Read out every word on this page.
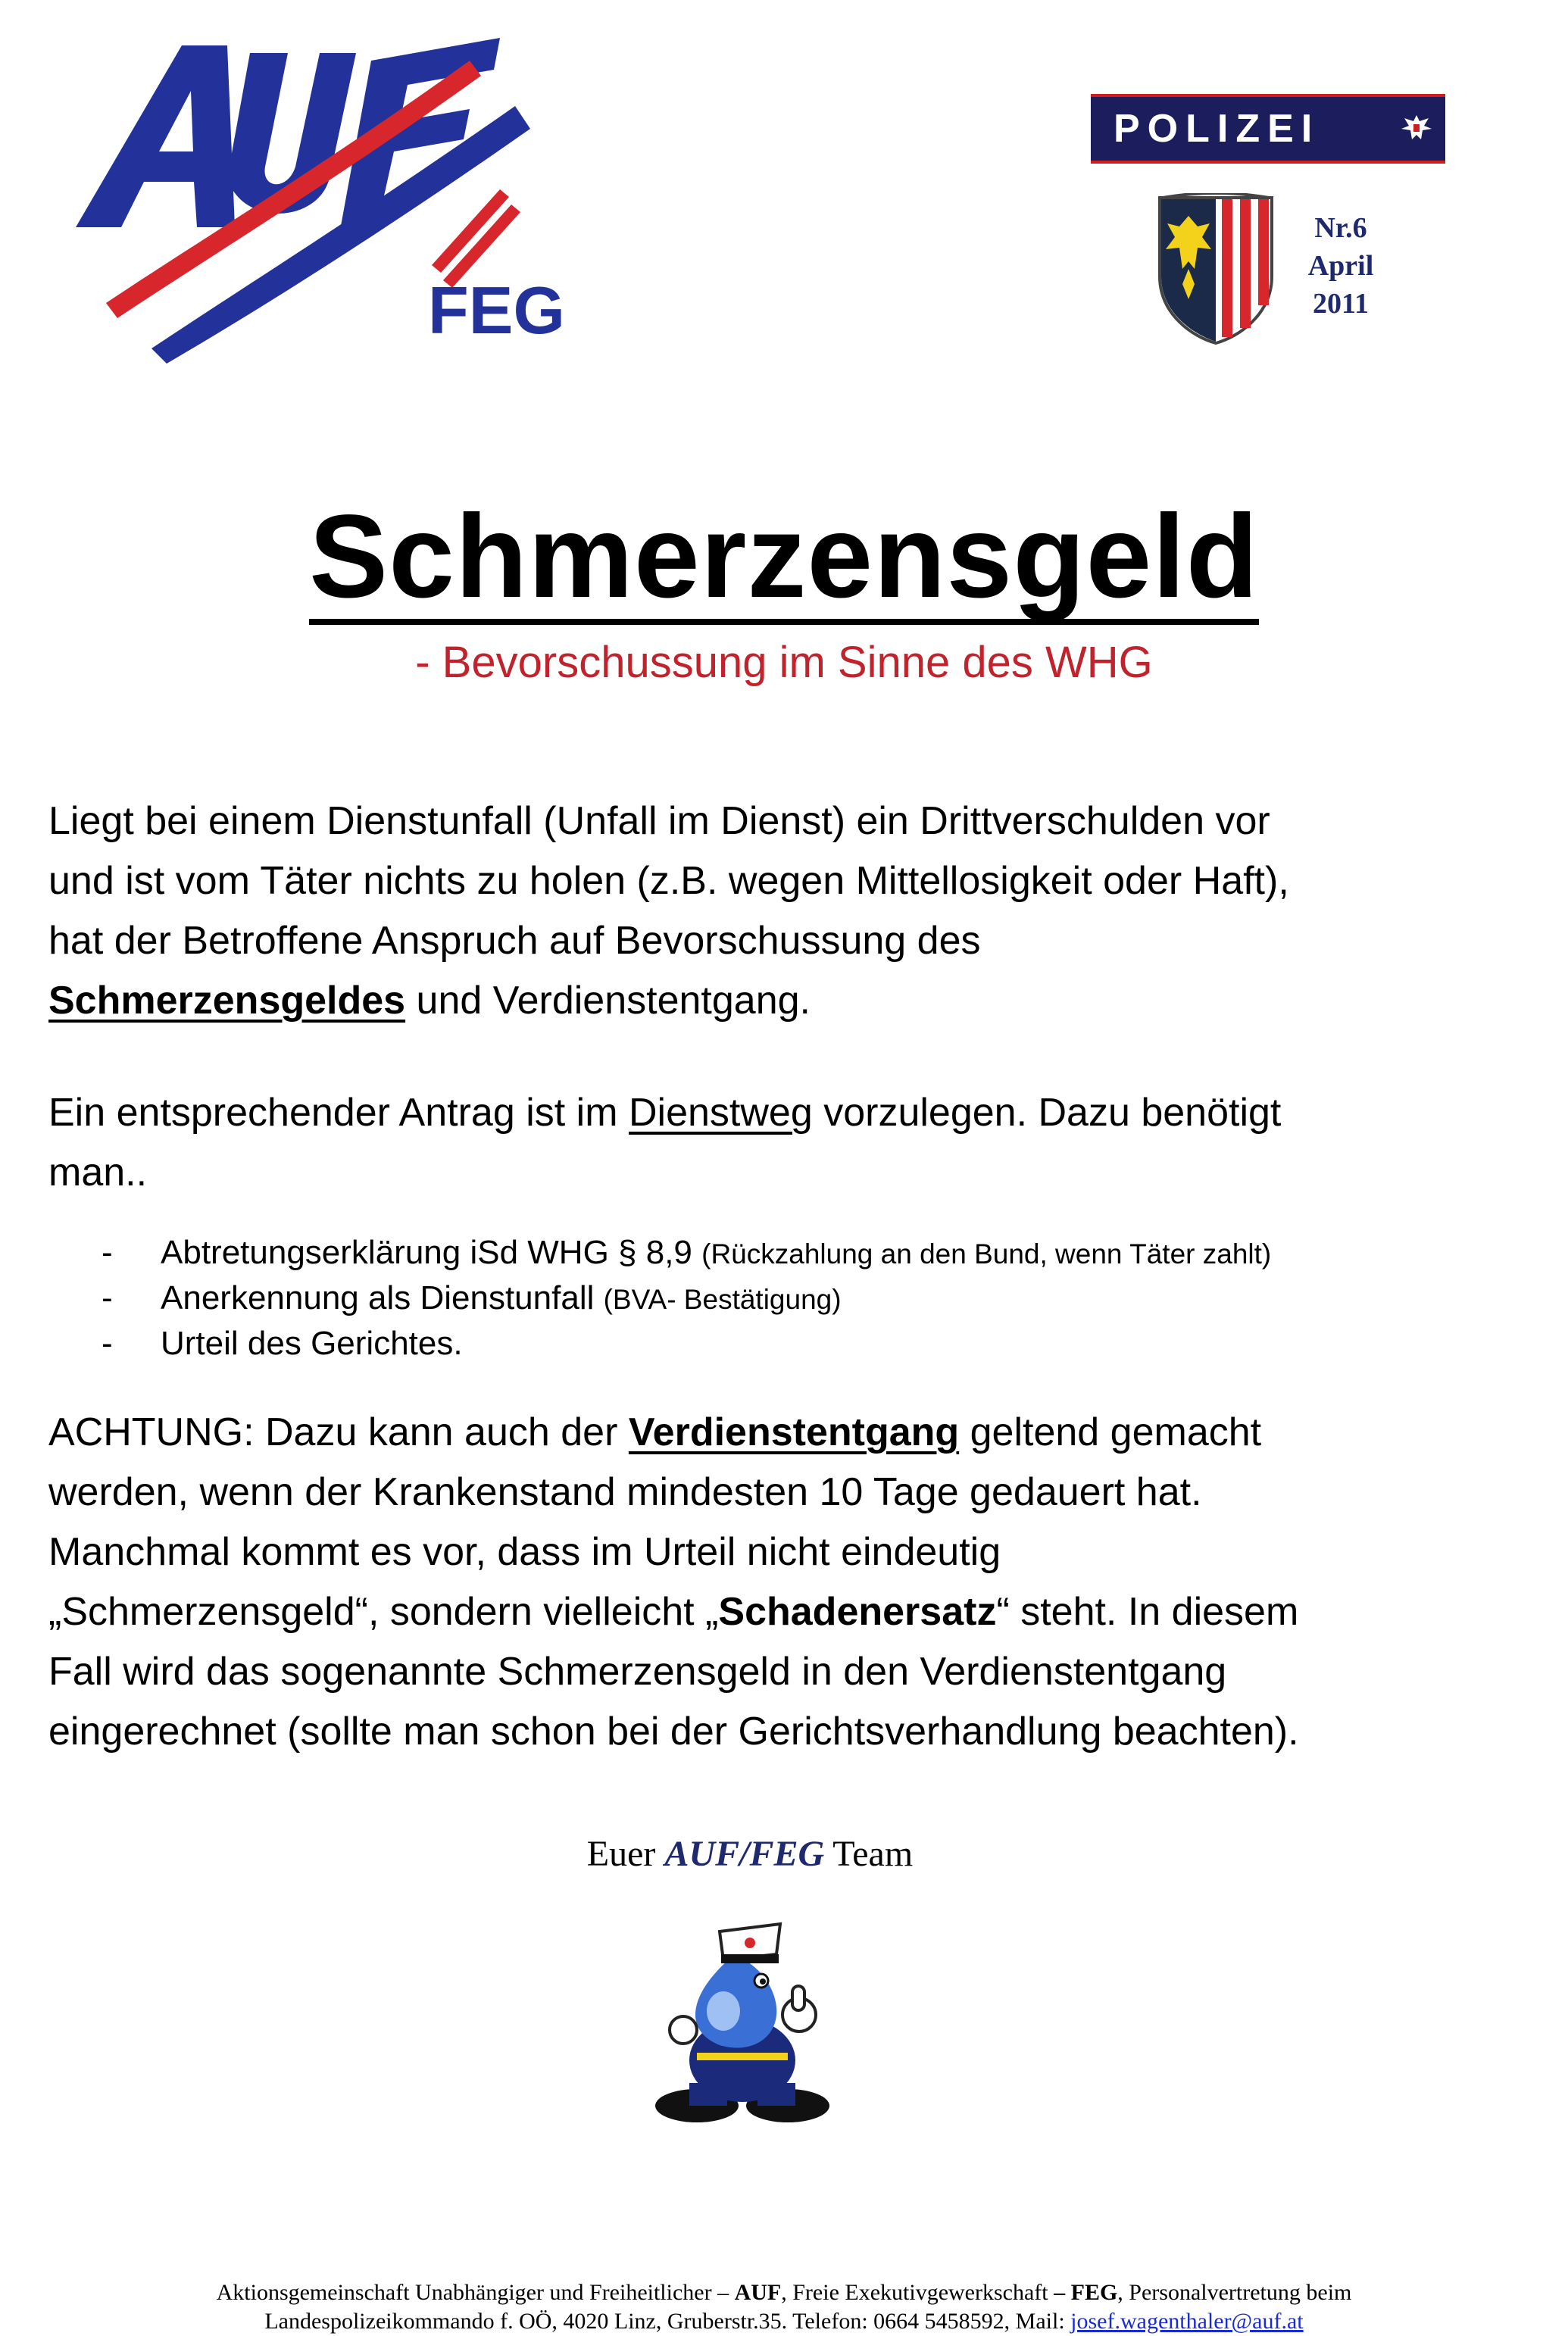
FEG
POLIZEI
Nr.6
April
2011
Schmerzensgeld
- Bevorschussung im Sinne des WHG
Liegt bei einem Dienstunfall (Unfall im Dienst) ein Drittverschulden vor
und ist vom Täter nichts zu holen (z.B. wegen Mittellosigkeit oder Haft),
hat der Betroffene Anspruch auf Bevorschussung des
Schmerzensgeldes und Verdienstentgang.
Ein entsprechender Antrag ist im Dienstweg vorzulegen. Dazu benötigt
man..
- Abtretungserklärung iSd WHG § 8,9 (Rückzahlung an den Bund, wenn Täter zahlt)
- Anerkennung als Dienstunfall (BVA- Bestätigung)
- Urteil des Gerichtes.
ACHTUNG: Dazu kann auch der Verdienstentgang geltend gemacht
werden, wenn der Krankenstand mindesten 10 Tage gedauert hat.
Manchmal kommt es vor, dass im Urteil nicht eindeutig
„Schmerzensgeld“, sondern vielleicht „Schadenersatz“ steht. In diesem
Fall wird das sogenannte Schmerzensgeld in den Verdienstentgang
eingerechnet (sollte man schon bei der Gerichtsverhandlung beachten).
Euer AUF/FEG Team
Aktionsgemeinschaft Unabhängiger und Freiheitlicher – AUF, Freie Exekutivgewerkschaft – FEG, Personalvertretung beim
Landespolizeikommando f. OÖ, 4020 Linz, Gruberstr.35. Telefon: 0664 5458592, Mail: josef.wagenthaler@auf.at
